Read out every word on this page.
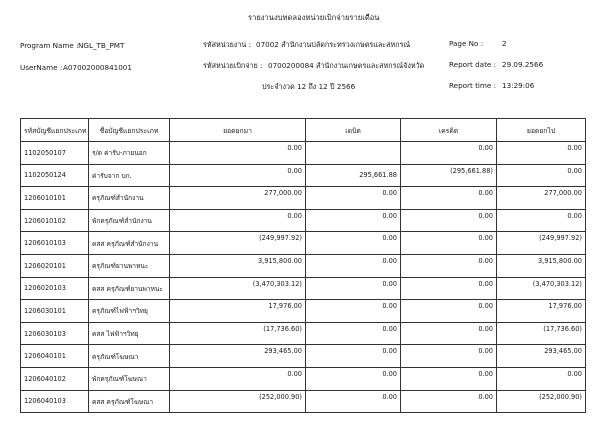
รายงานงบทดลองหน่วยเบิกจ่ายรายเดือน
Program Name : NGL_TB_PMT	รหัสหน่วยงาน : 07002 สำนักงานปลัดกระทรวงเกษตรและสหกรณ์	Page No :	2
UserName : A07002000841001	รหัสหน่วยเบิกจ่าย : 0700200084 สำนักงานเกษตรและสหกรณ์จังหวัด	Report date : 29.09.2566
ประจำงวด 12 ถึง 12 ปี 2566	Report time : 13:29:06
รหัสบัญชีแยกประเภท	ชื่อบัญชีแยกประเภท	ยอดยกมา	เดบิต	เครดิต	ยอดยกไป
1102050107	ร/ด ค่ารับ-ภายนอก	0.00		0.00	0.00
1102050124	ค่ารับจาก บก.	0.00	295,661.88	(295,661.88)	0.00
1206010101	ครุภัณฑ์สำนักงาน	277,000.00	0.00	0.00	277,000.00
1206010102	พักครุภัณฑ์สำนักงาน	0.00	0.00	0.00	0.00
1206010103	คสส ครุภัณฑ์สำนักงาน	(249,997.92)	0.00	0.00	(249,997.92)
1206020101	ครุภัณฑ์ยานพาหนะ	3,915,800.00	0.00	0.00	3,915,800.00
1206020103	คสส ครุภัณฑ์ยานพาหนะ	(3,470,303.12)	0.00	0.00	(3,470,303.12)
1206030101	ครุภัณฑ์ไฟฟ้าฯวิทยุ	17,976.00	0.00	0.00	17,976.00
1206030103	คสส ไฟฟ้าฯวิทยุ	(17,736.60)	0.00	0.00	(17,736.60)
1206040101	ครุภัณฑ์โฆษณา	293,465.00	0.00	0.00	293,465.00
1206040102	พักครุภัณฑ์โฆษณา	0.00	0.00	0.00	0.00
1206040103	คสส ครุภัณฑ์โฆษณา	(252,000.90)	0.00	0.00	(252,000.90)
